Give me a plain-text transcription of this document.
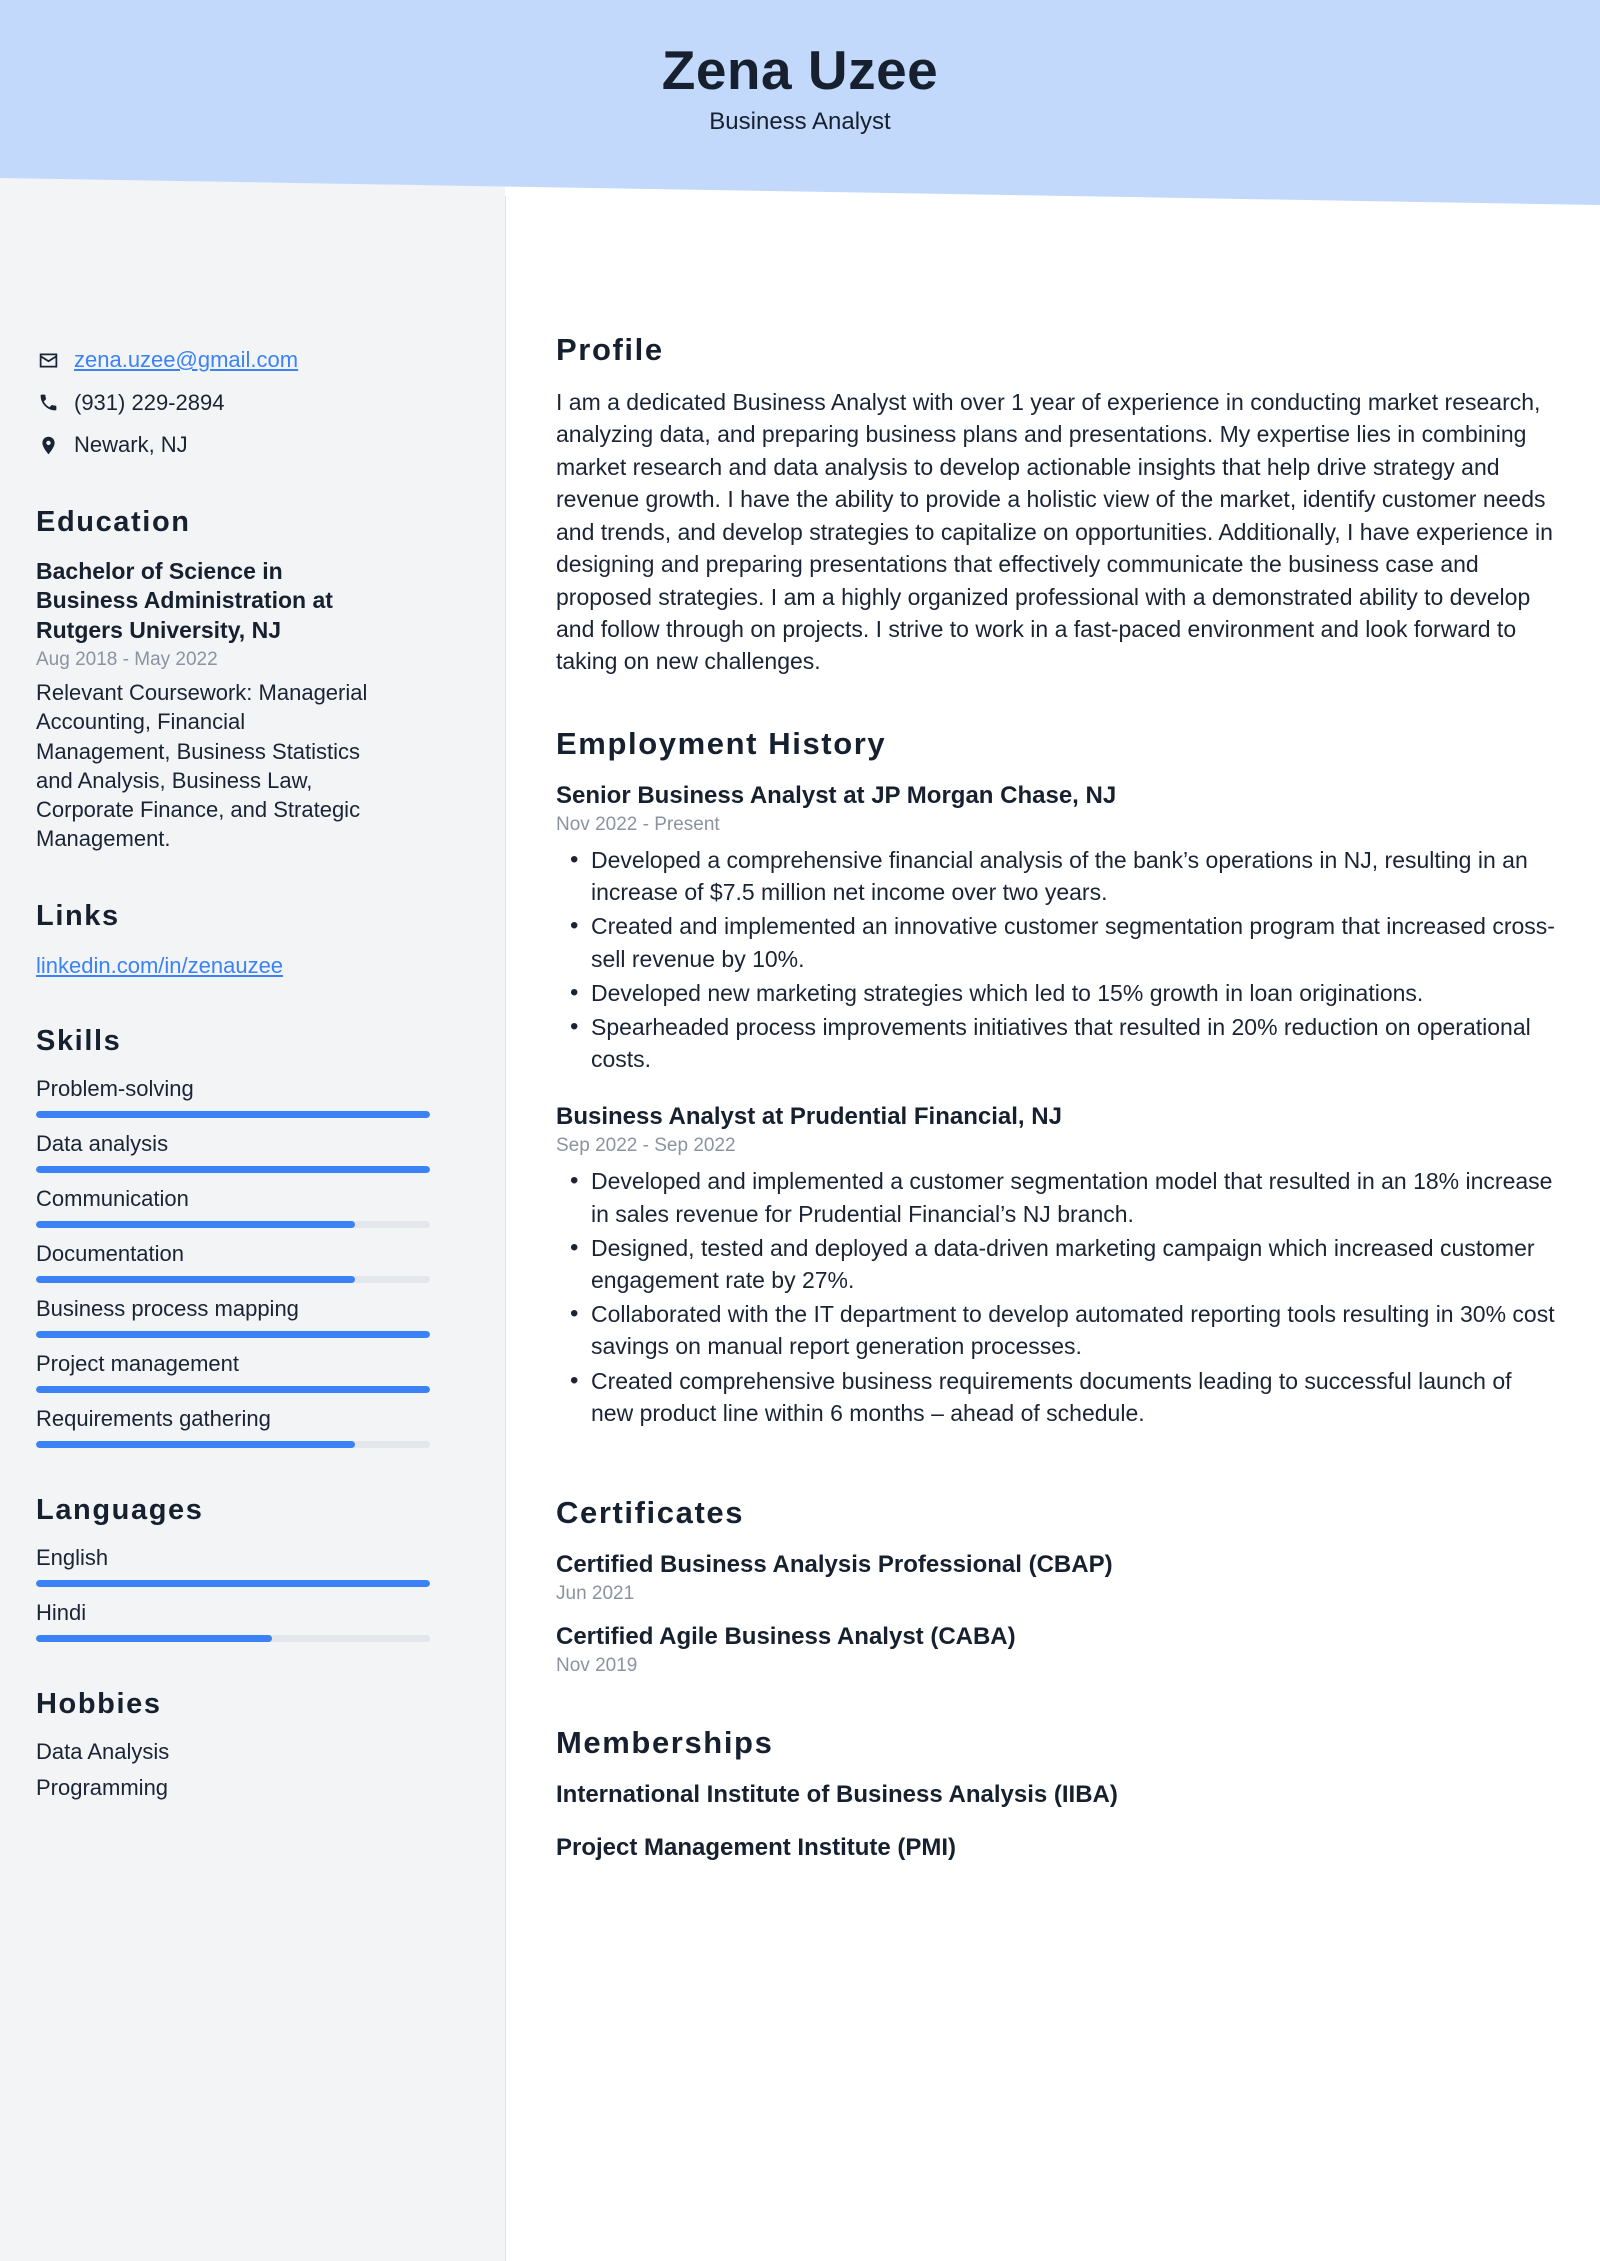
Zena Uzee
Business Analyst
zena.uzee@gmail.com
(931) 229-2894
Newark, NJ
Education
Bachelor of Science in Business Administration at Rutgers University, NJ
Aug 2018 - May 2022
Relevant Coursework: Managerial Accounting, Financial Management, Business Statistics and Analysis, Business Law, Corporate Finance, and Strategic Management.
Links
linkedin.com/in/zenauzee
Skills
Problem-solving
Data analysis
Communication
Documentation
Business process mapping
Project management
Requirements gathering
Languages
English
Hindi
Hobbies
Data Analysis
Programming
Profile
I am a dedicated Business Analyst with over 1 year of experience in conducting market research, analyzing data, and preparing business plans and presentations. My expertise lies in combining market research and data analysis to develop actionable insights that help drive strategy and revenue growth. I have the ability to provide a holistic view of the market, identify customer needs and trends, and develop strategies to capitalize on opportunities. Additionally, I have experience in designing and preparing presentations that effectively communicate the business case and proposed strategies. I am a highly organized professional with a demonstrated ability to develop and follow through on projects. I strive to work in a fast-paced environment and look forward to taking on new challenges.
Employment History
Senior Business Analyst at JP Morgan Chase, NJ
Nov 2022 - Present
• Developed a comprehensive financial analysis of the bank’s operations in NJ, resulting in an increase of $7.5 million net income over two years.
• Created and implemented an innovative customer segmentation program that increased cross-sell revenue by 10%.
• Developed new marketing strategies which led to 15% growth in loan originations.
• Spearheaded process improvements initiatives that resulted in 20% reduction on operational costs.
Business Analyst at Prudential Financial, NJ
Sep 2022 - Sep 2022
• Developed and implemented a customer segmentation model that resulted in an 18% increase in sales revenue for Prudential Financial’s NJ branch.
• Designed, tested and deployed a data-driven marketing campaign which increased customer engagement rate by 27%.
• Collaborated with the IT department to develop automated reporting tools resulting in 30% cost savings on manual report generation processes.
• Created comprehensive business requirements documents leading to successful launch of new product line within 6 months – ahead of schedule.
Certificates
Certified Business Analysis Professional (CBAP)
Jun 2021
Certified Agile Business Analyst (CABA)
Nov 2019
Memberships
International Institute of Business Analysis (IIBA)
Project Management Institute (PMI)
